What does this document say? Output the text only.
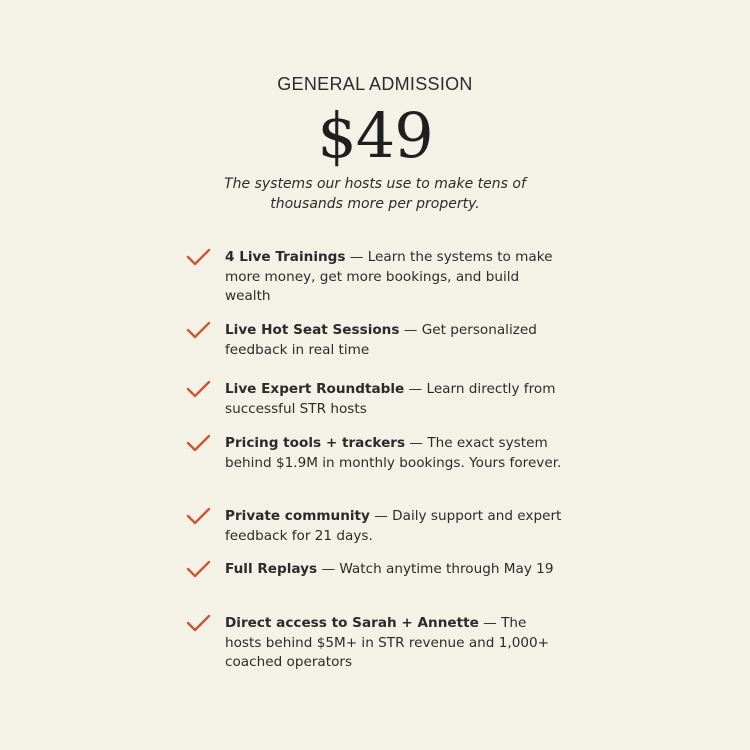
GENERAL ADMISSION
$49
The systems our hosts use to make tens of thousands more per property.
4 Live Trainings — Learn the systems to make more money, get more bookings, and build wealth
Live Hot Seat Sessions — Get personalized feedback in real time
Live Expert Roundtable — Learn directly from successful STR hosts
Pricing tools + trackers — The exact system behind $1.9M in monthly bookings. Yours forever.
Private community — Daily support and expert feedback for 21 days.
Full Replays — Watch anytime through May 19
Direct access to Sarah + Annette — The hosts behind $5M+ in STR revenue and 1,000+ coached operators
